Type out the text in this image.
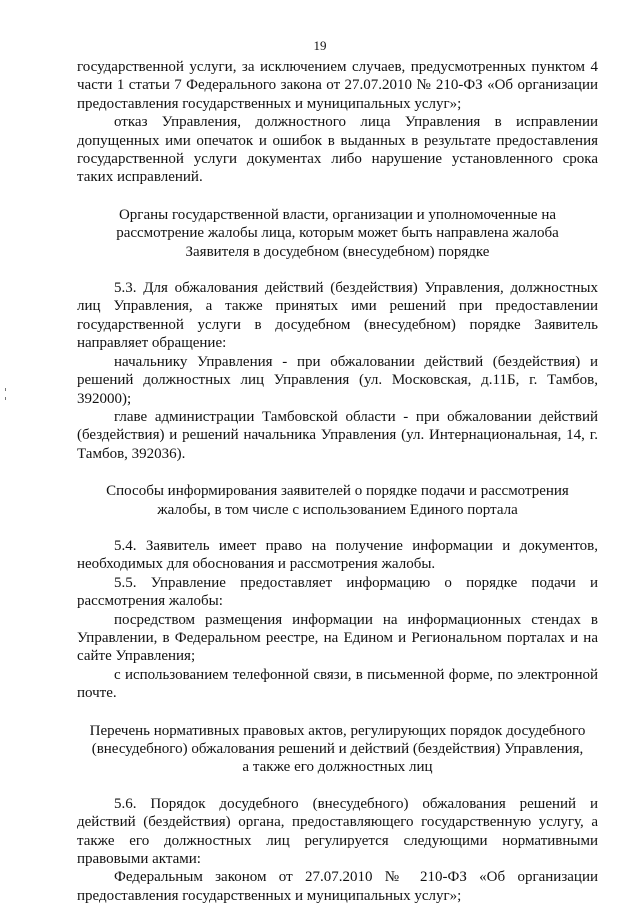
19

государственной услуги, за исключением случаев, предусмотренных пунктом 4 части 1 статьи 7 Федерального закона от 27.07.2010 № 210-ФЗ «Об организации предоставления государственных и муниципальных услуг»;

отказ Управления, должностного лица Управления в исправлении допущенных ими опечаток и ошибок в выданных в результате предоставления государственной услуги документах либо нарушение установленного срока таких исправлений.

Органы государственной власти, организации и уполномоченные на рассмотрение жалобы лица, которым может быть направлена жалоба Заявителя в досудебном (внесудебном) порядке

5.3. Для обжалования действий (бездействия) Управления, должностных лиц Управления, а также принятых ими решений при предоставлении государственной услуги в досудебном (внесудебном) порядке Заявитель направляет обращение:

начальнику Управления - при обжаловании действий (бездействия) и решений должностных лиц Управления (ул. Московская, д.11Б, г. Тамбов, 392000);

главе администрации Тамбовской области - при обжаловании действий (бездействия) и решений начальника Управления (ул. Интернациональная, 14, г. Тамбов, 392036).

Способы информирования заявителей о порядке подачи и рассмотрения жалобы, в том числе с использованием Единого портала

5.4. Заявитель имеет право на получение информации и документов, необходимых для обоснования и рассмотрения жалобы.

5.5. Управление предоставляет информацию о порядке подачи и рассмотрения жалобы:

посредством размещения информации на информационных стендах в Управлении, в Федеральном реестре, на Едином и Региональном порталах и на сайте Управления;

с использованием телефонной связи, в письменной форме, по электронной почте.

Перечень нормативных правовых актов, регулирующих порядок досудебного (внесудебного) обжалования решений и действий (бездействия) Управления, а также его должностных лиц

5.6. Порядок досудебного (внесудебного) обжалования решений и действий (бездействия) органа, предоставляющего государственную услугу, а также его должностных лиц регулируется следующими нормативными правовыми актами:

Федеральным законом от 27.07.2010 № 210-ФЗ «Об организации предоставления государственных и муниципальных услуг»;
